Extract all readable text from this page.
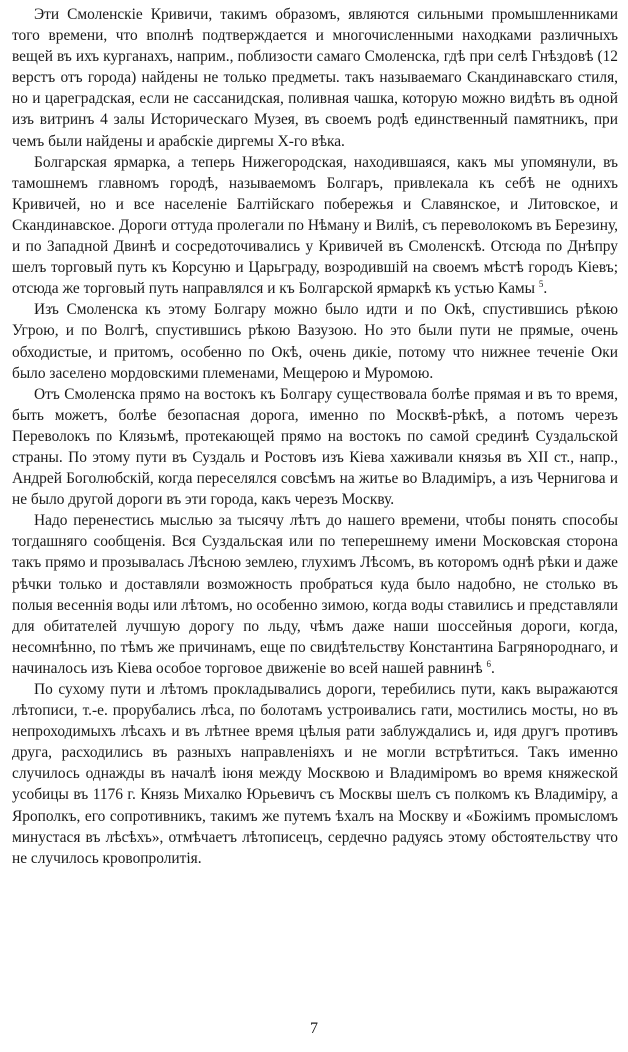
Эти Смоленскіе Кривичи, такимъ образомъ, являются сильными промышленниками того времени, что вполнѣ подтверждается и многочисленными находками различныхъ вещей въ ихъ курганахъ, наприм., поблизости самаго Смоленска, гдѣ при селѣ Гнѣздовѣ (12 верстъ отъ города) найдены не только предметы. такъ называемаго Скандинавскаго стиля, но и цареградская, если не сассанидская, поливная чашка, которую можно видѣть въ одной изъ витринъ 4 залы Историческаго Музея, въ своемъ родѣ единственный памятникъ, при чемъ были найдены и арабскіе диргемы X-го вѣка.

Болгарская ярмарка, а теперь Нижегородская, находившаяся, какъ мы упомянули, въ тамошнемъ главномъ городѣ, называемомъ Болгаръ, привлекала къ себѣ не однихъ Кривичей, но и все населеніе Балтійскаго побережья и Славянское, и Литовское, и Скандинавское. Дороги оттуда пролегали по Нѣману и Виліѣ, съ переволокомъ въ Березину, и по Западной Двинѣ и сосредоточивались у Кривичей въ Смоленскѣ. Отсюда по Днѣпру шелъ торговый путь къ Корсуню и Царьграду, возродившій на своемъ мѣстѣ городъ Кіевъ; отсюда же торговый путь направлялся и къ Болгарской ярмаркѣ къ устью Камы $^5$.

Изъ Смоленска къ этому Болгару можно было идти и по Окѣ, спустившись рѣкою Угрою, и по Волгѣ, спустившись рѣкою Вазузою. Но это были пути не прямые, очень обходистые, и притомъ, особенно по Окѣ, очень дикіе, потому что нижнее теченіе Оки было заселено мордовскими племенами, Мещерою и Муромою.

Отъ Смоленска прямо на востокъ къ Болгару существовала болѣе прямая и въ то время, быть можетъ, болѣе безопасная дорога, именно по Москвѣ-рѣкѣ, а потомъ черезъ Переволокъ по Клязьмѣ, протекающей прямо на востокъ по самой срединѣ Суздальской страны. По этому пути въ Суздаль и Ростовъ изъ Кіева хаживали князья въ XII ст., напр., Андрей Боголюбскій, когда переселялся совсѣмъ на житье во Владиміръ, а изъ Чернигова и не было другой дороги въ эти города, какъ черезъ Москву.

Надо перенестись мыслью за тысячу лѣтъ до нашего времени, чтобы понять способы тогдашняго сообщенія. Вся Суздальская или по теперешнему имени Московская сторона такъ прямо и прозывалась Лѣсною землею, глухимъ Лѣсомъ, въ которомъ однѣ рѣки и даже рѣчки только и доставляли возможность пробраться куда было надобно, не столько въ полыя весеннія воды или лѣтомъ, но особенно зимою, когда воды ставились и представляли для обитателей лучшую дорогу по льду, чѣмъ даже наши шоссейныя дороги, когда, несомнѣнно, по тѣмъ же причинамъ, еще по свидѣтельству Константина Багрянороднаго, и начиналось изъ Кіева особое торговое движеніе во всей нашей равнинѣ $^6$.

По сухому пути и лѣтомъ прокладывались дороги, теребились пути, какъ выражаются лѣтописи, т.-е. прорубались лѣса, по болотамъ устроивались гати, мостились мосты, но въ непроходимыхъ лѣсахъ и въ лѣтнее время цѣлыя рати заблуждались и, идя другъ противъ друга, расходились въ разныхъ направленіяхъ и не могли встрѣтиться. Такъ именно случилось однажды въ началѣ іюня между Москвою и Владиміромъ во время княжеской усобицы въ 1176 г. Князь Михалко Юрьевичъ съ Москвы шелъ съ полкомъ къ Владиміру, а Ярополкъ, его сопротивникъ, такимъ же путемъ ѣхалъ на Москву и «Божіимъ промысломъ минустася въ лѣсѣхъ», отмѣчаетъ лѣтописецъ, сердечно радуясь этому обстоятельству что не случилось кровопролитія.

7
